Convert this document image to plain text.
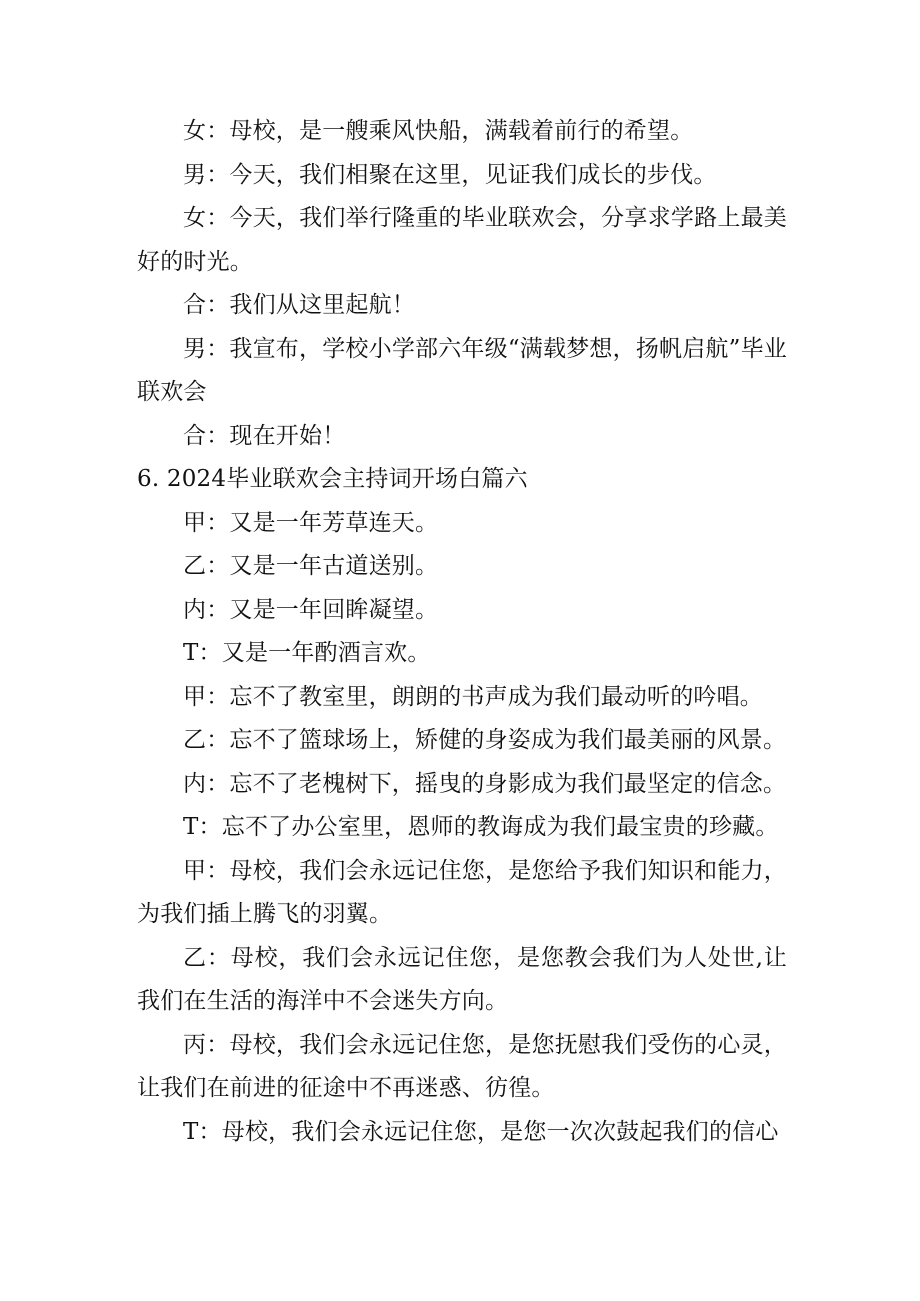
女：母校，是一艘乘风快船，满载着前行的希望。

男：今天，我们相聚在这里，见证我们成长的步伐。

女：今天，我们举行隆重的毕业联欢会，分享求学路上最美好的时光。

合：我们从这里起航！

男：我宣布，学校小学部六年级“满载梦想，扬帆启航”毕业联欢会

合：现在开始！

6. 2024毕业联欢会主持词开场白篇六

甲：又是一年芳草连天。

乙：又是一年古道送别。

内：又是一年回眸凝望。

T：又是一年酌酒言欢。

甲：忘不了教室里，朗朗的书声成为我们最动听的吟唱。

乙：忘不了篮球场上，矫健的身姿成为我们最美丽的风景。

内：忘不了老槐树下，摇曳的身影成为我们最坚定的信念。

T：忘不了办公室里，恩师的教诲成为我们最宝贵的珍藏。

甲：母校，我们会永远记住您，是您给予我们知识和能力，为我们插上腾飞的羽翼。

乙：母校，我们会永远记住您，是您教会我们为人处世,让我们在生活的海洋中不会迷失方向。

丙：母校，我们会永远记住您，是您抚慰我们受伤的心灵，让我们在前进的征途中不再迷惑、彷徨。

T：母校，我们会永远记住您，是您一次次鼓起我们的信心
